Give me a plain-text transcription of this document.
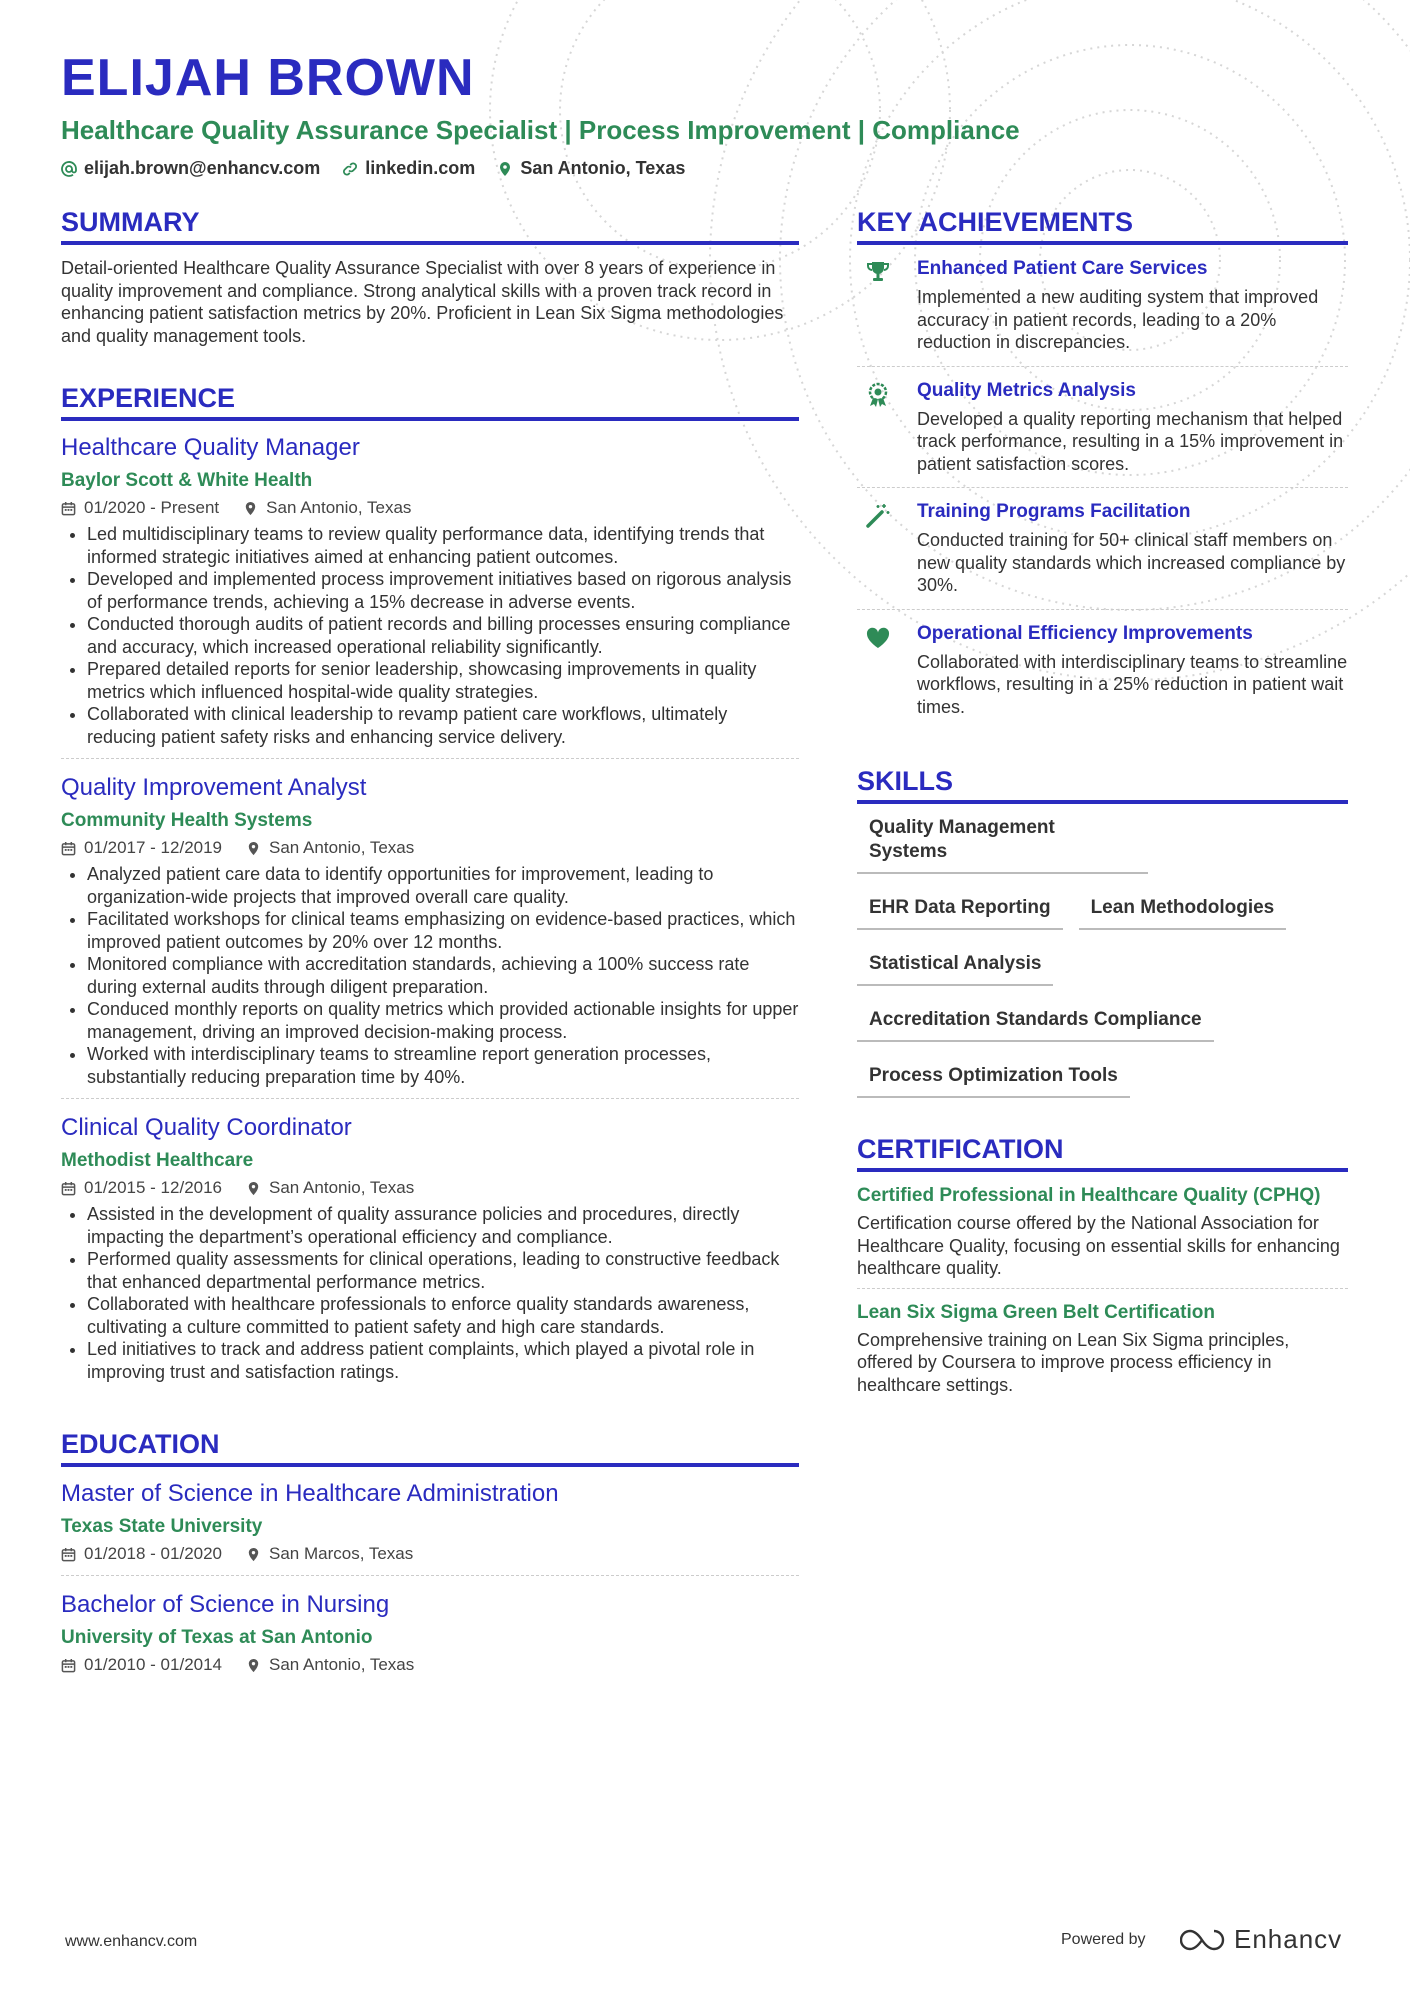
ELIJAH BROWN
Healthcare Quality Assurance Specialist | Process Improvement | Compliance
elijah.brown@enhancv.com	linkedin.com	San Antonio, Texas
SUMMARY

Detail-oriented Healthcare Quality Assurance Specialist with over 8 years of experience in quality improvement and compliance. Strong analytical skills with a proven track record in enhancing patient satisfaction metrics by 20%. Proficient in Lean Six Sigma methodologies and quality management tools.

EXPERIENCE
Healthcare Quality Manager
Baylor Scott & White Health
01/2020 - Present	San Antonio, Texas
• Led multidisciplinary teams to review quality performance data, identifying trends that informed strategic initiatives aimed at enhancing patient outcomes.
• Developed and implemented process improvement initiatives based on rigorous analysis of performance trends, achieving a 15% decrease in adverse events.
• Conducted thorough audits of patient records and billing processes ensuring compliance and accuracy, which increased operational reliability significantly.
• Prepared detailed reports for senior leadership, showcasing improvements in quality metrics which influenced hospital-wide quality strategies.
• Collaborated with clinical leadership to revamp patient care workflows, ultimately reducing patient safety risks and enhancing service delivery.
Quality Improvement Analyst
Community Health Systems
01/2017 - 12/2019	San Antonio, Texas
• Analyzed patient care data to identify opportunities for improvement, leading to organization-wide projects that improved overall care quality.
• Facilitated workshops for clinical teams emphasizing on evidence-based practices, which improved patient outcomes by 20% over 12 months.
• Monitored compliance with accreditation standards, achieving a 100% success rate during external audits through diligent preparation.
• Conduced monthly reports on quality metrics which provided actionable insights for upper management, driving an improved decision-making process.
• Worked with interdisciplinary teams to streamline report generation processes, substantially reducing preparation time by 40%.
Clinical Quality Coordinator
Methodist Healthcare
01/2015 - 12/2016	San Antonio, Texas
• Assisted in the development of quality assurance policies and procedures, directly impacting the department’s operational efficiency and compliance.
• Performed quality assessments for clinical operations, leading to constructive feedback that enhanced departmental performance metrics.
• Collaborated with healthcare professionals to enforce quality standards awareness, cultivating a culture committed to patient safety and high care standards.
• Led initiatives to track and address patient complaints, which played a pivotal role in improving trust and satisfaction ratings.
EDUCATION
Master of Science in Healthcare Administration
Texas State University
01/2018 - 01/2020	San Marcos, Texas
Bachelor of Science in Nursing
University of Texas at San Antonio
01/2010 - 01/2014	San Antonio, Texas
KEY ACHIEVEMENTS
Enhanced Patient Care Services
Implemented a new auditing system that improved accuracy in patient records, leading to a 20% reduction in discrepancies.
Quality Metrics Analysis
Developed a quality reporting mechanism that helped track performance, resulting in a 15% improvement in patient satisfaction scores.
Training Programs Facilitation
Conducted training for 50+ clinical staff members on new quality standards which increased compliance by 30%.
Operational Efficiency Improvements
Collaborated with interdisciplinary teams to streamline workflows, resulting in a 25% reduction in patient wait times.
SKILLS
Quality Management Systems
EHR Data Reporting	Lean Methodologies
Statistical Analysis
Accreditation Standards Compliance
Process Optimization Tools
CERTIFICATION
Certified Professional in Healthcare Quality (CPHQ)
Certification course offered by the National Association for Healthcare Quality, focusing on essential skills for enhancing healthcare quality.
Lean Six Sigma Green Belt Certification
Comprehensive training on Lean Six Sigma principles, offered by Coursera to improve process efficiency in healthcare settings.
www.enhancv.com	Powered by	Enhancv
